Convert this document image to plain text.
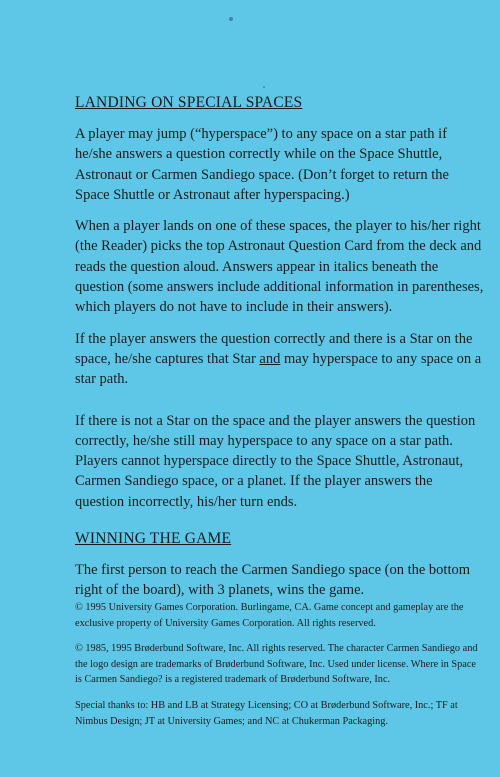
LANDING ON SPECIAL SPACES

A player may jump (“hyperspace”) to any space on a star path if he/she answers a question correctly while on the Space Shuttle, Astronaut or Carmen Sandiego space. (Don’t forget to return the Space Shuttle or Astronaut after hyperspacing.)

When a player lands on one of these spaces, the player to his/her right (the Reader) picks the top Astronaut Question Card from the deck and reads the question aloud. Answers appear in italics beneath the question (some answers include additional information in parentheses, which players do not have to include in their answers).

If the player answers the question correctly and there is a Star on the space, he/she captures that Star and may hyperspace to any space on a star path.

If there is not a Star on the space and the player answers the question correctly, he/she still may hyperspace to any space on a star path. Players cannot hyperspace directly to the Space Shuttle, Astronaut, Carmen Sandiego space, or a planet. If the player answers the question incorrectly, his/her turn ends.

WINNING THE GAME

The first person to reach the Carmen Sandiego space (on the bottom right of the board), with 3 planets, wins the game.

© 1995 University Games Corporation. Burlingame, CA. Game concept and gameplay are the exclusive property of University Games Corporation. All rights reserved.

© 1985, 1995 Brøderbund Software, Inc. All rights reserved. The character Carmen Sandiego and the logo design are trademarks of Brøderbund Software, Inc. Used under license. Where in Space is Carmen Sandiego? is a registered trademark of Brøderbund Software, Inc.

Special thanks to: HB and LB at Strategy Licensing; CO at Brøderbund Software, Inc.; TF at Nimbus Design; JT at University Games; and NC at Chukerman Packaging.
